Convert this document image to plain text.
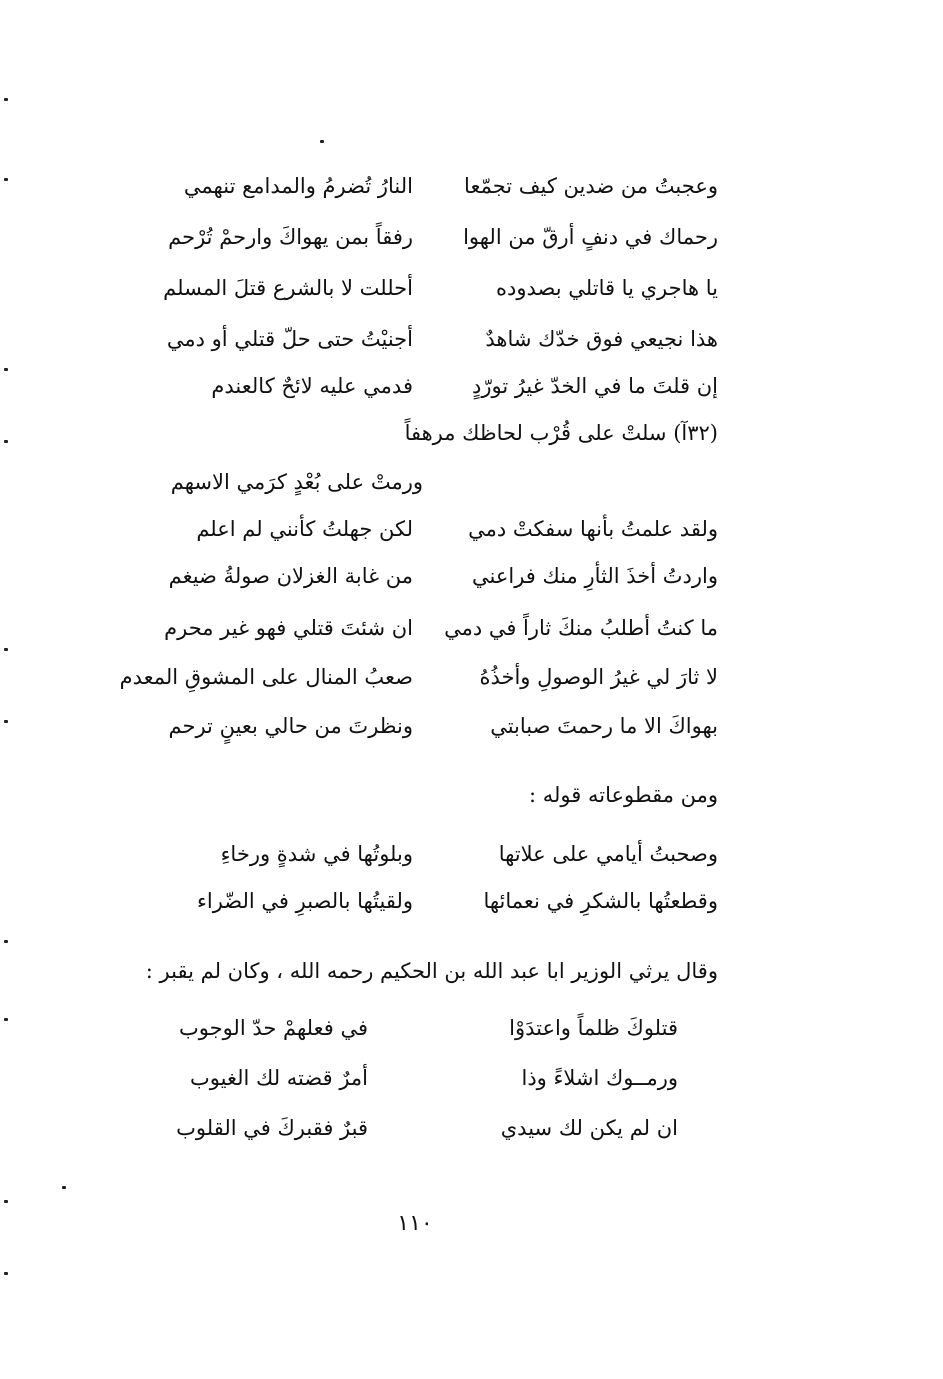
وعجبتُ من ضدين كيف تجمّعا
النارُ تُضرمُ والمدامع تنهمي
رحماك في دنفٍ أرقّ من الهوا
رفقاً بمن يهواكَ وارحمْ تُرْحم
يا هاجري يا قاتلي بصدوده
أحللت لا بالشرع قتلَ المسلم
هذا نجيعي فوق خدّك شاهدٌ
أجنيْتُ حتى حلّ قتلي أو دمي
إن قلتَ ما في الخدّ غيرُ تورّدٍ
فدمي عليه لائحٌ كالعندم
(٣٢آ) سلتْ على قُرْب لحاظك مرهفاً
ورمتْ على بُعْدٍ كرَمي الاسهم
ولقد علمتُ بأنها سفكتْ دمي
لكن جهلتُ كأنني لم اعلم
واردتُ أخذَ الثأرِ منك فراعني
من غابة الغزلان صولةُ ضيغم
ما كنتُ أطلبُ منكَ ثاراً في دمي
ان شئتَ قتلي فهو غير محرم
لا ثارَ لي غيرُ الوصولِ وأخذُهُ
صعبُ المنال على المشوقِ المعدم
بهواكَ الا ما رحمتَ صبابتي
ونظرتَ من حالي بعينٍ ترحم
ومن مقطوعاته قوله :
وصحبتُ أيامي على علاتها
وبلوتُها في شدةٍ ورخاءِ
وقطعتُها بالشكرِ في نعمائها
ولقيتُها بالصبرِ في الضّراء
وقال يرثي الوزير ابا عبد الله بن الحكيم رحمه الله ، وكان لم يقبر :
قتلوكَ ظلماً واعتدَوْا
في فعلهمْ حدّ الوجوب
ورمــوك اشلاءً وذا
أمرٌ قضته لك الغيوب
ان لم يكن لك سيدي
قبرٌ فقبركَ في القلوب
١١٠
